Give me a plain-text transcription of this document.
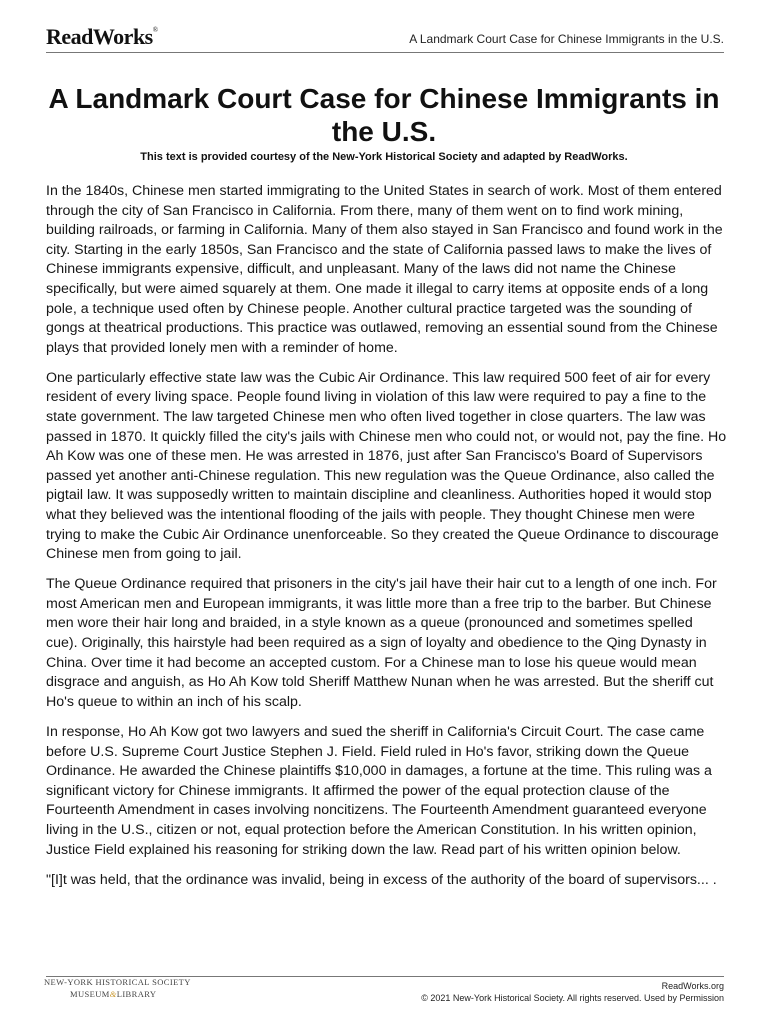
ReadWorks®
A Landmark Court Case for Chinese Immigrants in the U.S.
A Landmark Court Case for Chinese Immigrants in the U.S.
This text is provided courtesy of the New-York Historical Society and adapted by ReadWorks.

In the 1840s, Chinese men started immigrating to the United States in search of work. Most of them entered through the city of San Francisco in California. From there, many of them went on to find work mining, building railroads, or farming in California. Many of them also stayed in San Francisco and found work in the city. Starting in the early 1850s, San Francisco and the state of California passed laws to make the lives of Chinese immigrants expensive, difficult, and unpleasant. Many of the laws did not name the Chinese specifically, but were aimed squarely at them. One made it illegal to carry items at opposite ends of a long pole, a technique used often by Chinese people. Another cultural practice targeted was the sounding of gongs at theatrical productions. This practice was outlawed, removing an essential sound from the Chinese plays that provided lonely men with a reminder of home.

One particularly effective state law was the Cubic Air Ordinance. This law required 500 feet of air for every resident of every living space. People found living in violation of this law were required to pay a fine to the state government. The law targeted Chinese men who often lived together in close quarters. The law was passed in 1870. It quickly filled the city's jails with Chinese men who could not, or would not, pay the fine. Ho Ah Kow was one of these men. He was arrested in 1876, just after San Francisco's Board of Supervisors passed yet another anti-Chinese regulation. This new regulation was the Queue Ordinance, also called the pigtail law. It was supposedly written to maintain discipline and cleanliness. Authorities hoped it would stop what they believed was the intentional flooding of the jails with people. They thought Chinese men were trying to make the Cubic Air Ordinance unenforceable. So they created the Queue Ordinance to discourage Chinese men from going to jail.

The Queue Ordinance required that prisoners in the city's jail have their hair cut to a length of one inch. For most American men and European immigrants, it was little more than a free trip to the barber. But Chinese men wore their hair long and braided, in a style known as a queue (pronounced and sometimes spelled cue). Originally, this hairstyle had been required as a sign of loyalty and obedience to the Qing Dynasty in China. Over time it had become an accepted custom. For a Chinese man to lose his queue would mean disgrace and anguish, as Ho Ah Kow told Sheriff Matthew Nunan when he was arrested. But the sheriff cut Ho's queue to within an inch of his scalp.

In response, Ho Ah Kow got two lawyers and sued the sheriff in California's Circuit Court. The case came before U.S. Supreme Court Justice Stephen J. Field. Field ruled in Ho's favor, striking down the Queue Ordinance. He awarded the Chinese plaintiffs $10,000 in damages, a fortune at the time. This ruling was a significant victory for Chinese immigrants. It affirmed the power of the equal protection clause of the Fourteenth Amendment in cases involving noncitizens. The Fourteenth Amendment guaranteed everyone living in the U.S., citizen or not, equal protection before the American Constitution. In his written opinion, Justice Field explained his reasoning for striking down the law. Read part of his written opinion below.

"[I]t was held, that the ordinance was invalid, being in excess of the authority of the board of supervisors... .

NEW-YORK HISTORICAL SOCIETY
MUSEUM&LIBRARY
ReadWorks.org
© 2021 New-York Historical Society. All rights reserved. Used by Permission
